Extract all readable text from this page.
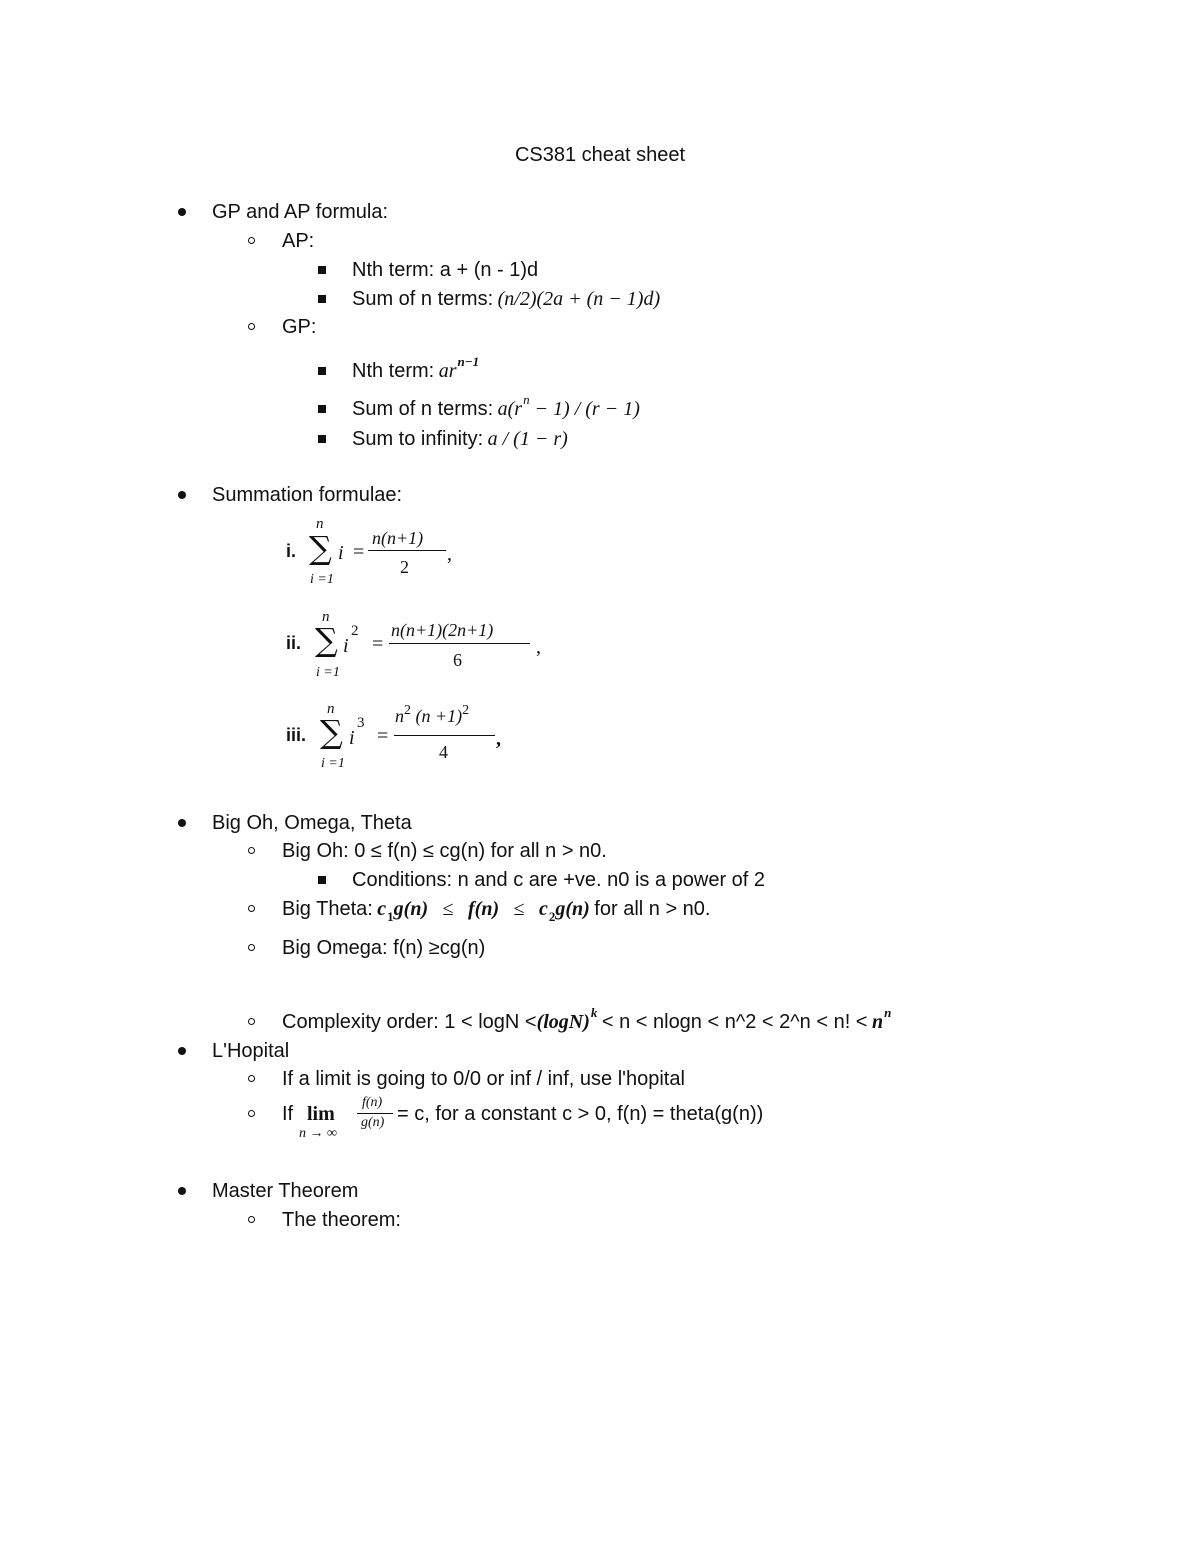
CS381 cheat sheet
GP and AP formula:
AP:
Nth term: a + (n - 1)d
Sum of n terms: (n/2)(2a + (n − 1)d)
GP:
Nth term: $ar^{n-1}$
Sum of n terms: $a(r^n - 1) / (r - 1)$
Sum to infinity: a / (1 − r)
Summation formulae:
i.
n
∑
i =1
i =
n(n+1)
2
,
ii.
n
∑
i =1
i
2
=
n(n+1)(2n+1)
6
,
iii.
n
∑
i =1
i
3
=
n2 (n +1)2
4
,
Big Oh, Omega, Theta
Big Oh: 0 ≤ f(n) ≤ cg(n) for all n > n0.
Conditions: n and c are +ve. n0 is a power of 2
Big Theta: $c_1g(n) \le f(n) \le c_2g(n)$ for all n > n0.
Big Omega: f(n) ≥cg(n)
Complexity order: $1 < \log N <(\log N)^k < n < nlogn$ < n^2 < 2^n < n! < $n^n$
L'Hopital
If a limit is going to 0/0 or inf / inf, use l'hopital
If lim
n → ∞
f(n)
g(n) = c, for a constant c > 0, f(n) = theta(g(n))
Master Theorem
The theorem:
